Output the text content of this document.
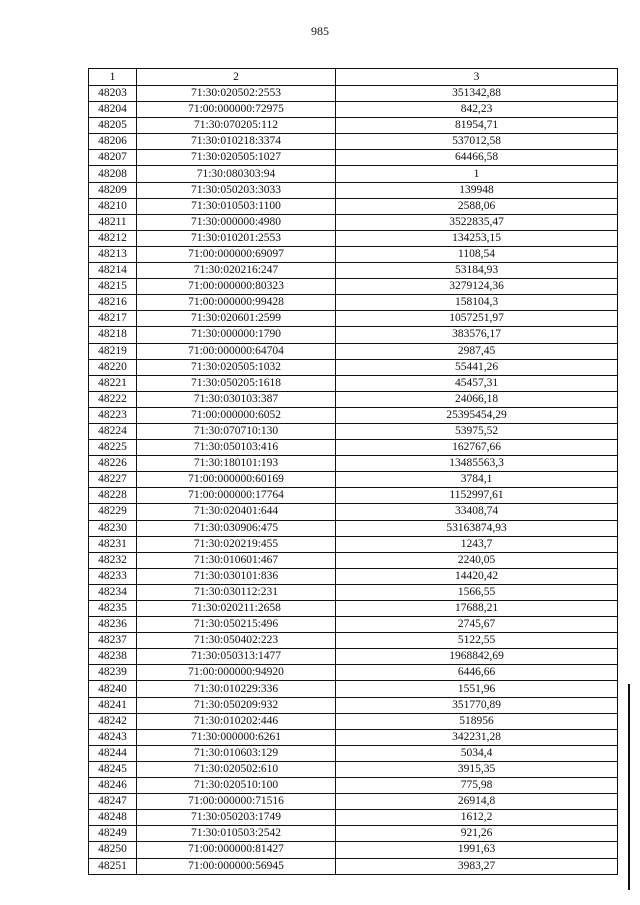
985
1	2	3
48203	71:30:020502:2553	351342,88
48204	71:00:000000:72975	842,23
48205	71:30:070205:112	81954,71
48206	71:30:010218:3374	537012,58
48207	71:30:020505:1027	64466,58
48208	71:30:080303:94	1
48209	71:30:050203:3033	139948
48210	71:30:010503:1100	2588,06
48211	71:30:000000:4980	3522835,47
48212	71:30:010201:2553	134253,15
48213	71:00:000000:69097	1108,54
48214	71:30:020216:247	53184,93
48215	71:00:000000:80323	3279124,36
48216	71:00:000000:99428	158104,3
48217	71:30:020601:2599	1057251,97
48218	71:30:000000:1790	383576,17
48219	71:00:000000:64704	2987,45
48220	71:30:020505:1032	55441,26
48221	71:30:050205:1618	45457,31
48222	71:30:030103:387	24066,18
48223	71:00:000000:6052	25395454,29
48224	71:30:070710:130	53975,52
48225	71:30:050103:416	162767,66
48226	71:30:180101:193	13485563,3
48227	71:00:000000:60169	3784,1
48228	71:00:000000:17764	1152997,61
48229	71:30:020401:644	33408,74
48230	71:30:030906:475	53163874,93
48231	71:30:020219:455	1243,7
48232	71:30:010601:467	2240,05
48233	71:30:030101:836	14420,42
48234	71:30:030112:231	1566,55
48235	71:30:020211:2658	17688,21
48236	71:30:050215:496	2745,67
48237	71:30:050402:223	5122,55
48238	71:30:050313:1477	1968842,69
48239	71:00:000000:94920	6446,66
48240	71:30:010229:336	1551,96
48241	71:30:050209:932	351770,89
48242	71:30:010202:446	518956
48243	71:30:000000:6261	342231,28
48244	71:30:010603:129	5034,4
48245	71:30:020502:610	3915,35
48246	71:30:020510:100	775,98
48247	71:00:000000:71516	26914,8
48248	71:30:050203:1749	1612,2
48249	71:30:010503:2542	921,26
48250	71:00:000000:81427	1991,63
48251	71:00:000000:56945	3983,27
